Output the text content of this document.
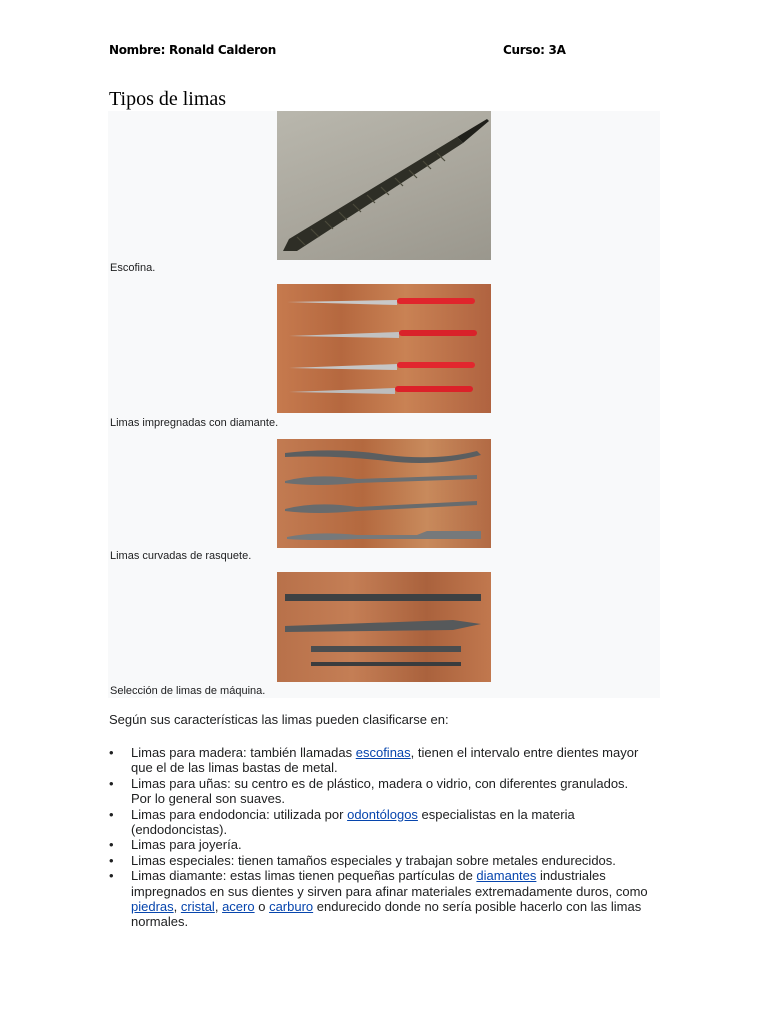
Nombre: Ronald Calderon	Curso: 3A
Tipos de limas
Escofina.
Limas impregnadas con diamante.
Limas curvadas de rasquete.
Selección de limas de máquina.
Según sus características las limas pueden clasificarse en:
• Limas para madera: también llamadas escofinas, tienen el intervalo entre dientes mayor que el de las limas bastas de metal.
• Limas para uñas: su centro es de plástico, madera o vidrio, con diferentes granulados. Por lo general son suaves.
• Limas para endodoncia: utilizada por odontólogos especialistas en la materia (endodoncistas).
• Limas para joyería.
• Limas especiales: tienen tamaños especiales y trabajan sobre metales endurecidos.
• Limas diamante: estas limas tienen pequeñas partículas de diamantes industriales impregnados en sus dientes y sirven para afinar materiales extremadamente duros, como piedras, cristal, acero o carburo endurecido donde no sería posible hacerlo con las limas normales.
